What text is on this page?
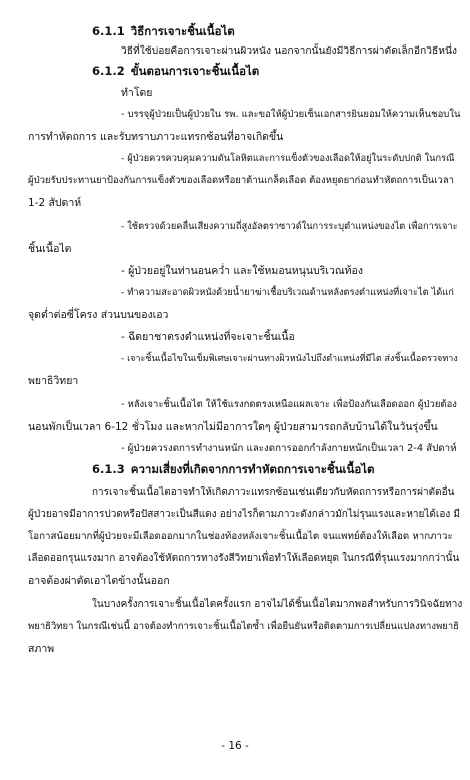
6.1.1 วิธีการเจาะชิ้นเนื้อไต
วิธีที่ใช้บ่อยคือการเจาะผ่านผิวหนัง นอกจากนั้นยังมีวิธีการผ่าตัดเล็กอีกวิธีหนึ่ง
6.1.2 ขั้นตอนการเจาะชิ้นเนื้อไต
ทำโดย
- บรรจุผู้ป่วยเป็นผู้ป่วยใน รพ. และขอให้ผู้ป่วยเซ็นเอกสารยินยอมให้ความเห็นชอบใน
การทำหัตถการ และรับทราบภาวะแทรกซ้อนที่อาจเกิดขึ้น
- ผู้ป่วยควรควบคุมความดันโลหิตและการแข็งตัวของเลือดให้อยู่ในระดับปกติ ในกรณี
ผู้ป่วยรับประทานยาป้องกันการแข็งตัวของเลือดหรือยาต้านเกล็ดเลือด ต้องหยุดยาก่อนทำหัตถการเป็นเวลา
1-2 สัปดาห์
- ใช้ตรวจด้วยคลื่นเสียงความถี่สูงอัลตราซาวด์ในการระบุตำแหน่งของไต เพื่อการเจาะ
ชิ้นเนื้อไต
- ผู้ป่วยอยู่ในท่านอนคว่ำ และใช้หมอนหนุนบริเวณท้อง
- ทำความสะอาดผิวหนังด้วยน้ำยาฆ่าเชื้อบริเวณด้านหลังตรงตำแหน่งที่เจาะไต ได้แก่
จุดต่ำต่อซี่โครง ส่วนบนของเอว
- ฉีดยาชาตรงตำแหน่งที่จะเจาะชิ้นเนื้อ
- เจาะชิ้นเนื้อไขในเข็มพิเศษเจาะผ่านทางผิวหนังไปถึงตำแหน่งที่มีไต ส่งชิ้นเนื้อตรวจทาง
พยาธิวิทยา
- หลังเจาะชิ้นเนื้อไต ให้ใช้แรงกดตรงเหนือแผลเจาะ เพื่อป้องกันเลือดออก ผู้ป่วยต้อง
นอนพักเป็นเวลา 6-12 ชั่วโมง และหากไม่มีอาการใดๆ ผู้ป่วยสามารถกลับบ้านได้ในวันรุ่งขึ้น
- ผู้ป่วยควรงดการทำงานหนัก และงดการออกกำลังกายหนักเป็นเวลา 2-4 สัปดาห์
6.1.3 ความเสี่ยงที่เกิดจากการทำหัตถการเจาะชิ้นเนื้อไต
การเจาะชิ้นเนื้อไตอาจทำให้เกิดภาวะแทรกซ้อนเช่นเดียวกับหัตถการหรือการผ่าตัดอื่น
ผู้ป่วยอาจมีอาการปวดหรือปัสสาวะเป็นสีแดง อย่างไรก็ตามภาวะดังกล่าวมักไม่รุนแรงและหายได้เอง มี
โอกาสน้อยมากที่ผู้ป่วยจะมีเลือดออกมากในช่องท้องหลังเจาะชิ้นเนื้อไต จนแพทย์ต้องให้เลือด หากภาวะ
เลือดออกรุนแรงมาก อาจต้องใช้หัตถการทางรังสีวิทยาเพื่อทำให้เลือดหยุด ในกรณีที่รุนแรงมากกว่านั้น
อาจต้องผ่าตัดเอาไตข้างนั้นออก
ในบางครั้งการเจาะชิ้นเนื้อไตครั้งแรก อาจไม่ได้ชิ้นเนื้อไตมากพอสำหรับการวินิจฉัยทาง
พยาธิวิทยา ในกรณีเช่นนี้ อาจต้องทำการเจาะชิ้นเนื้อไตซ้ำ เพื่อยืนยันหรือติดตามการเปลี่ยนแปลงทางพยาธิ
สภาพ
- 16 -
